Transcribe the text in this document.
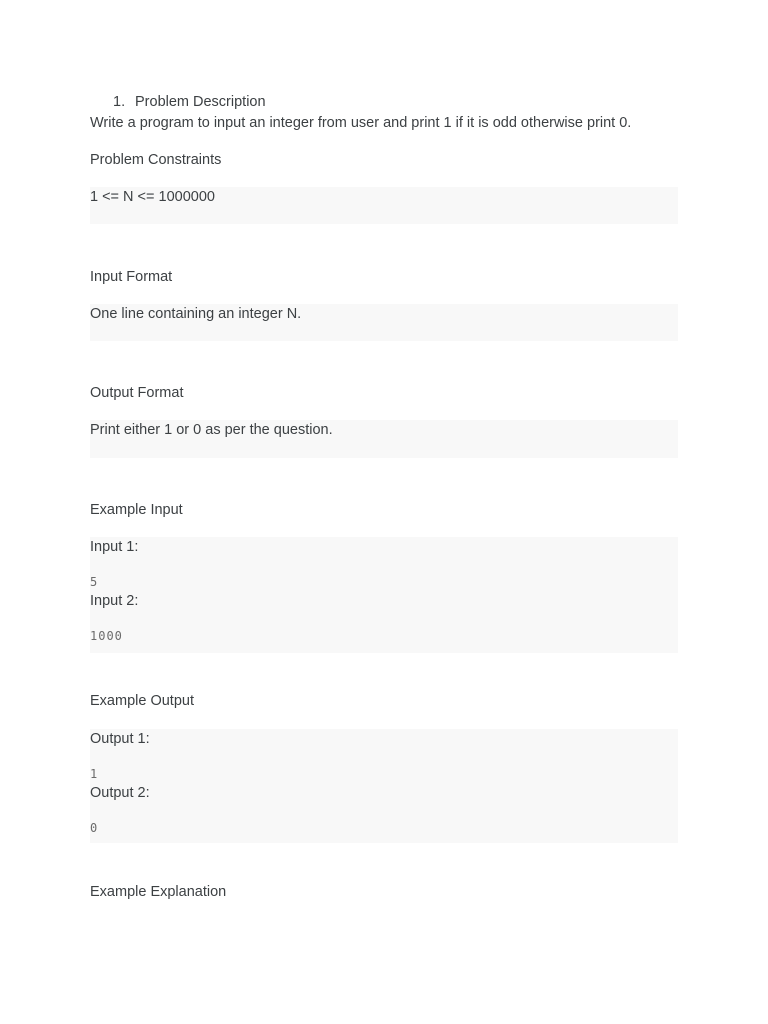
1. Problem Description
Write a program to input an integer from user and print 1 if it is odd otherwise print 0.
Problem Constraints
1 <= N <= 1000000
Input Format
One line containing an integer N.
Output Format
Print either 1 or 0 as per the question.
Example Input
Input 1:
5
Input 2:
1000
Example Output
Output 1:
1
Output 2:
0
Example Explanation
